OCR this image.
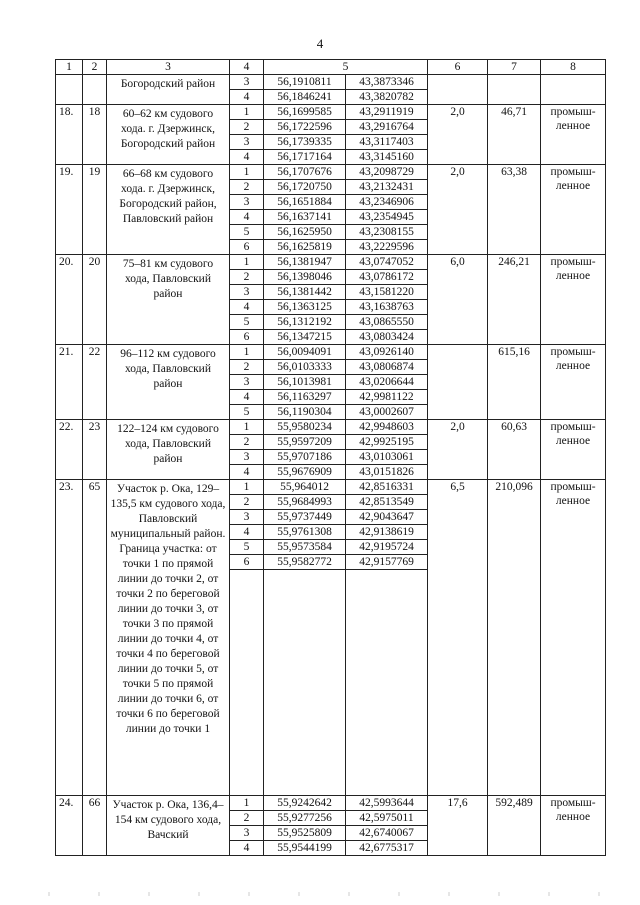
4
1	2	3	4	5		6	7	8
		Богородский район	3	56,1910811	43,3873346			
			4	56,1846241	43,3820782			
18.	18	60–62 км судового хода. г. Дзержинск, Богородский район	1	56,1699585	43,2911919	2,0	46,71	промыш-ленное
			2	56,1722596	43,2916764			
			3	56,1739335	43,3117403			
			4	56,1717164	43,3145160			
19.	19	66–68 км судового хода. г. Дзержинск, Богородский район, Павловский район	1	56,1707676	43,2098729	2,0	63,38	промыш-ленное
			2	56,1720750	43,2132431			
			3	56,1651884	43,2346906			
			4	56,1637141	43,2354945			
			5	56,1625950	43,2308155			
			6	56,1625819	43,2229596			
20.	20	75–81 км судового хода, Павловский район	1	56,1381947	43,0747052	6,0	246,21	промыш-ленное
			2	56,1398046	43,0786172			
			3	56,1381442	43,1581220			
			4	56,1363125	43,1638763			
			5	56,1312192	43,0865550			
			6	56,1347215	43,0803424			
21.	22	96–112 км судового хода, Павловский район	1	56,0094091	43,0926140		615,16	промыш-ленное
			2	56,0103333	43,0806874			
			3	56,1013981	43,0206644			
			4	56,1163297	42,9981122			
			5	56,1190304	43,0002607			
22.	23	122–124 км судового хода, Павловский район	1	55,9580234	42,9948603	2,0	60,63	промыш-ленное
			2	55,9597209	42,9925195			
			3	55,9707186	43,0103061			
			4	55,9676909	43,0151826			
23.	65	Участок р. Ока, 129–135,5 км судового хода, Павловский муниципальный район. Граница участка: от точки 1 по прямой линии до точки 2, от точки 2 по береговой линии до точки 3, от точки 3 по прямой линии до точки 4, от точки 4 по береговой линии до точки 5, от точки 5 по прямой линии до точки 6, от точки 6 по береговой линии до точки 1	1	55,964012	42,8516331	6,5	210,096	промыш-ленное
			2	55,9684993	42,8513549			
			3	55,9737449	42,9043647			
			4	55,9761308	42,9138619			
			5	55,9573584	42,9195724			
			6	55,9582772	42,9157769			

24.	66	Участок р. Ока, 136,4–154 км судового хода, Вачский	1	55,9242642	42,5993644	17,6	592,489	промыш-ленное
			2	55,9277256	42,5975011			
			3	55,9525809	42,6740067			
			4	55,9544199	42,6775317			
